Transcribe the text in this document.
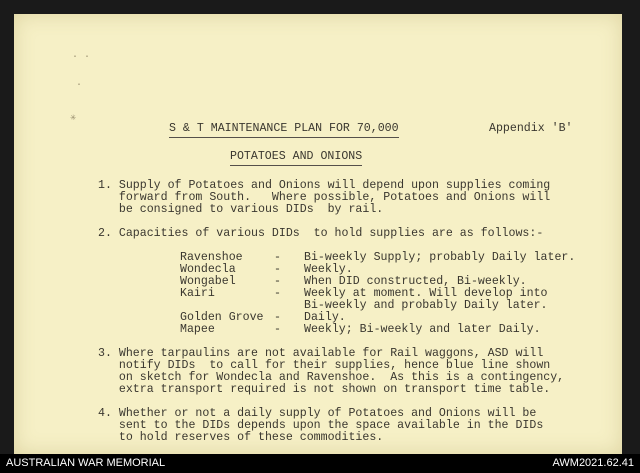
· ·
·
✳
S & T MAINTENANCE PLAN FOR 70,000	Appendix 'B'
POTATOES AND ONIONS
1. Supply of Potatoes and Onions will depend upon supplies coming
forward from South.   Where possible, Potatoes and Onions will
be consigned to various DIDs  by rail.
2. Capacities of various DIDs  to hold supplies are as follows:-
Ravenshoe	- Bi-weekly Supply; probably Daily later.
Wondecla	- Weekly.
Wongabel	- When DID constructed, Bi-weekly.
Kairi	- Weekly at moment. Will develop into
Bi-weekly and probably Daily later.
Golden Grove - Daily.
Mapee	- Weekly; Bi-weekly and later Daily.
3. Where tarpaulins are not available for Rail waggons, ASD will
notify DIDs  to call for their supplies, hence blue line shown
on sketch for Wondecla and Ravenshoe.  As this is a contingency,
extra transport required is not shown on transport time table.
4. Whether or not a daily supply of Potatoes and Onions will be
sent to the DIDs depends upon the space available in the DIDs
to hold reserves of these commodities.
AUSTRALIAN WAR MEMORIAL	AWM2021.62.41
